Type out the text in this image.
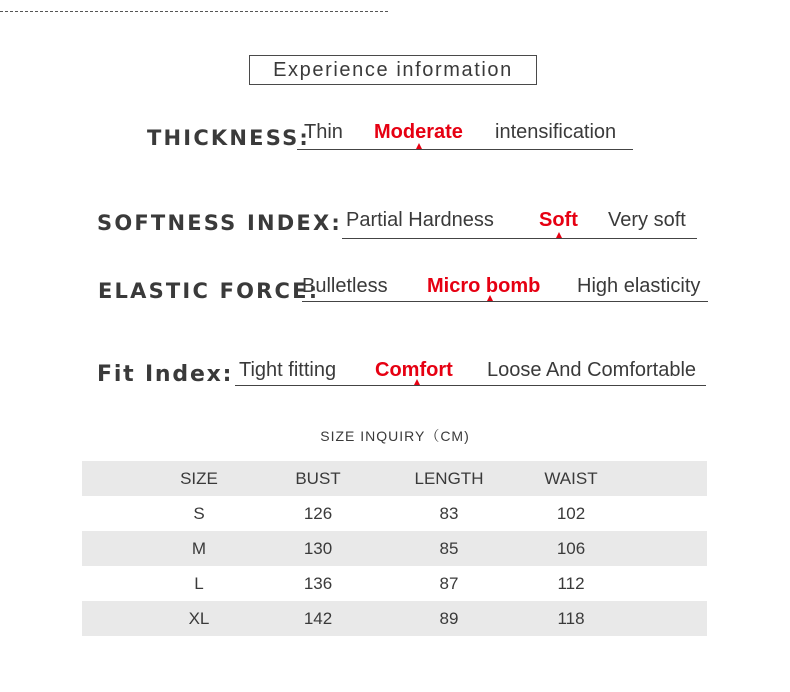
Experience information
THICKNESS:
Thin Moderate intensification
SOFTNESS INDEX: Partial Hardness Soft Very soft
ELASTIC FORCE:
Bulletless Micro bomb High elasticity
Fit Index: Tight fitting Comfort Loose And Comfortable
SIZE INQUIRY（CM)
SIZE	BUST	LENGTH	WAIST
S	126	83	102
M	130	85	106
L	136	87	112
XL	142	89	118
